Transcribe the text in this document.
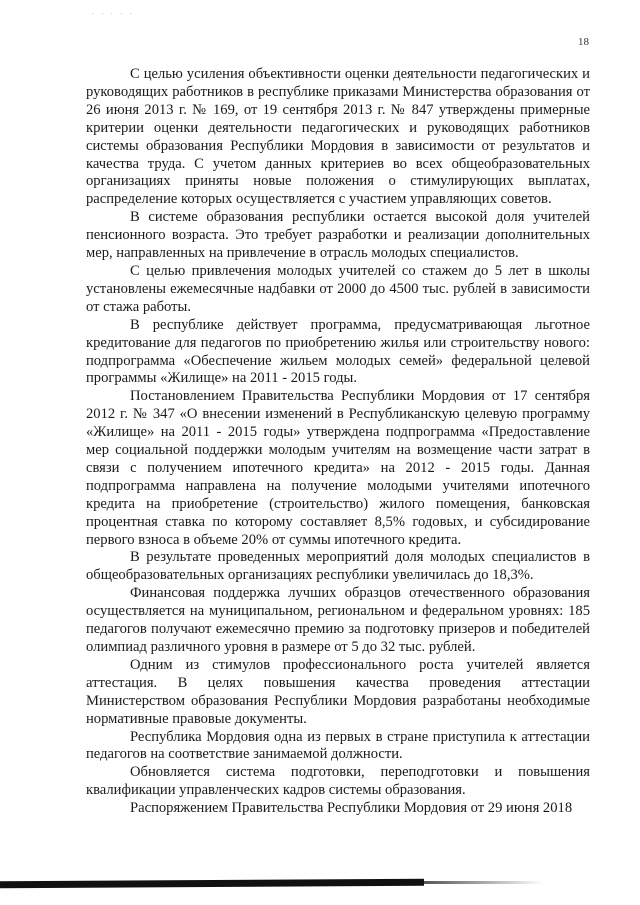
. . . . .
18

С целью усиления объективности оценки деятельности педагогических и руководящих работников в республике приказами Министерства образования от 26 июня 2013 г. № 169, от 19 сентября 2013 г. № 847 утверждены примерные критерии оценки деятельности педагогических и руководящих работников системы образования Республики Мордовия в зависимости от результатов и качества труда. С учетом данных критериев во всех общеобразовательных организациях приняты новые положения о стимулирующих выплатах, распределение которых осуществляется с участием управляющих советов.

В системе образования республики остается высокой доля учителей пенсионного возраста. Это требует разработки и реализации дополнительных мер, направленных на привлечение в отрасль молодых специалистов.

С целью привлечения молодых учителей со стажем до 5 лет в школы установлены ежемесячные надбавки от 2000 до 4500 тыс. рублей в зависимости от стажа работы.

В республике действует программа, предусматривающая льготное кредитование для педагогов по приобретению жилья или строительству нового: подпрограмма «Обеспечение жильем молодых семей» федеральной целевой программы «Жилище» на 2011 - 2015 годы.

Постановлением Правительства Республики Мордовия от 17 сентября 2012 г. № 347 «О внесении изменений в Республиканскую целевую программу «Жилище» на 2011 - 2015 годы» утверждена подпрограмма «Предоставление мер социальной поддержки молодым учителям на возмещение части затрат в связи с получением ипотечного кредита» на 2012 - 2015 годы. Данная подпрограмма направлена на получение молодыми учителями ипотечного кредита на приобретение (строительство) жилого помещения, банковская процентная ставка по которому составляет 8,5% годовых, и субсидирование первого взноса в объеме 20% от суммы ипотечного кредита.

В результате проведенных мероприятий доля молодых специалистов в общеобразовательных организациях республики увеличилась до 18,3%.

Финансовая поддержка лучших образцов отечественного образования осуществляется на муниципальном, региональном и федеральном уровнях: 185 педагогов получают ежемесячно премию за подготовку призеров и победителей олимпиад различного уровня в размере от 5 до 32 тыс. рублей.

Одним из стимулов профессионального роста учителей является аттестация. В целях повышения качества проведения аттестации Министерством образования Республики Мордовия разработаны необходимые нормативные правовые документы.

Республика Мордовия одна из первых в стране приступила к аттестации педагогов на соответствие занимаемой должности.

Обновляется система подготовки, переподготовки и повышения квалификации управленческих кадров системы образования.

Распоряжением Правительства Республики Мордовия от 29 июня 2018
